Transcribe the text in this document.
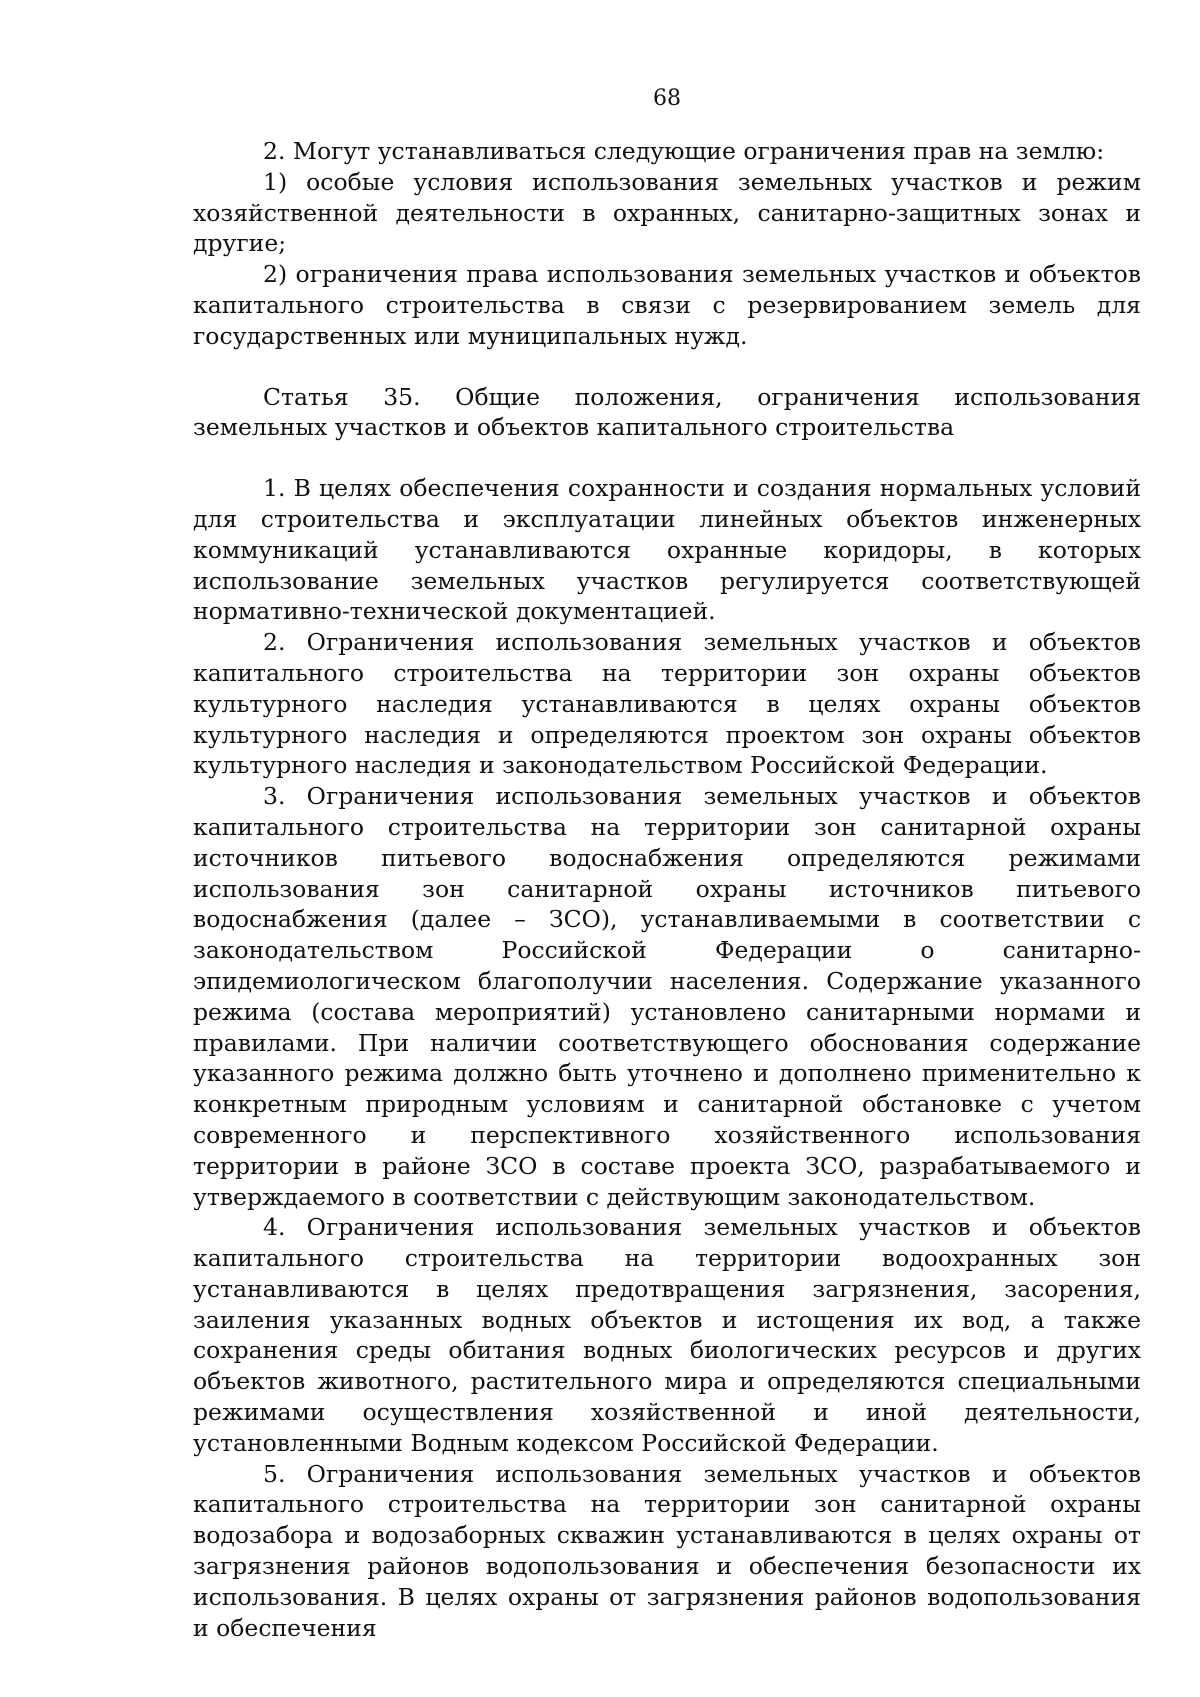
68

2. Могут устанавливаться следующие ограничения прав на землю:

1) особые условия использования земельных участков и режим хозяйственной деятельности в охранных, санитарно-защитных зонах и другие;

2) ограничения права использования земельных участков и объектов капитального строительства в связи с резервированием земель для государственных или муниципальных нужд.

Статья 35. Общие положения, ограничения использования земельных участков и объектов капитального строительства

1. В целях обеспечения сохранности и создания нормальных условий для строительства и эксплуатации линейных объектов инженерных коммуникаций устанавливаются охранные коридоры, в которых использование земельных участков регулируется соответствующей нормативно-технической документацией.

2. Ограничения использования земельных участков и объектов капитального строительства на территории зон охраны объектов культурного наследия устанавливаются в целях охраны объектов культурного наследия и определяются проектом зон охраны объектов культурного наследия и законодательством Российской Федерации.

3. Ограничения использования земельных участков и объектов капитального строительства на территории зон санитарной охраны источников питьевого водоснабжения определяются режимами использования зон санитарной охраны источников питьевого водоснабжения (далее – ЗСО), устанавливаемыми в соответствии с законодательством Российской Федерации о санитарно-эпидемиологическом благополучии населения. Содержание указанного режима (состава мероприятий) установлено санитарными нормами и правилами. При наличии соответствующего обоснования содержание указанного режима должно быть уточнено и дополнено применительно к конкретным природным условиям и санитарной обстановке с учетом современного и перспективного хозяйственного использования территории в районе ЗСО в составе проекта ЗСО, разрабатываемого и утверждаемого в соответствии с действующим законодательством.

4. Ограничения использования земельных участков и объектов капитального строительства на территории водоохранных зон устанавливаются в целях предотвращения загрязнения, засорения, заиления указанных водных объектов и истощения их вод, а также сохранения среды обитания водных биологических ресурсов и других объектов животного, растительного мира и определяются специальными режимами осуществления хозяйственной и иной деятельности, установленными Водным кодексом Российской Федерации.

5. Ограничения использования земельных участков и объектов капитального строительства на территории зон санитарной охраны водозабора и водозаборных скважин устанавливаются в целях охраны от загрязнения районов водопользования и обеспечения безопасности их использования. В целях охраны от загрязнения районов водопользования и обеспечения
